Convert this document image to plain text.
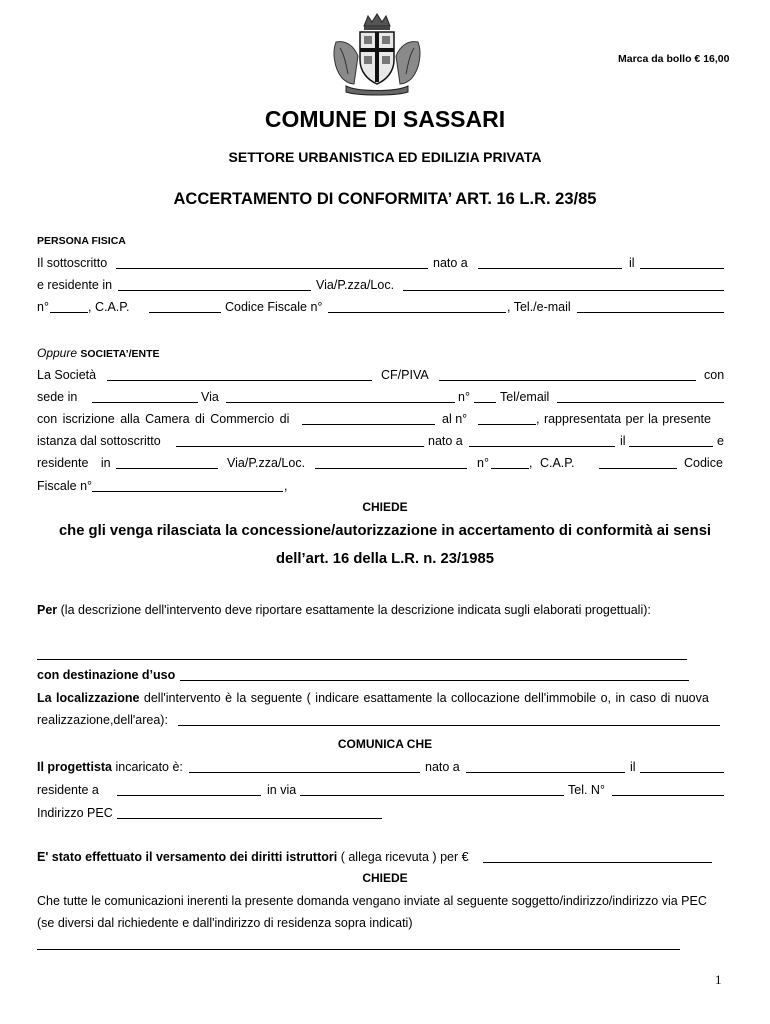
Marca da bollo € 16,00
COMUNE DI SASSARI
SETTORE URBANISTICA ED EDILIZIA PRIVATA
ACCERTAMENTO DI CONFORMITA’ ART. 16 L.R. 23/85
PERSONA FISICA
Il sottoscritto	nato a	il
e residente in	Via/P.zza/Loc.
n°	, C.A.P.	Codice Fiscale n°	, Tel./e-mail
Oppure SOCIETA’/ENTE
La Società	CF/PIVA	con
sede in	Via	n° Tel/email
con iscrizione alla Camera di Commercio di	al n°	, rappresentata per la presente
istanza dal sottoscritto	nato a	il	e
residente in	Via/P.zza/Loc.	n°	, C.A.P.	Codice
Fiscale n°	,
CHIEDE
che gli venga rilasciata la concessione/autorizzazione in accertamento di conformità ai sensi
dell’art. 16 della L.R. n. 23/1985
Per (la descrizione dell'intervento deve riportare esattamente la descrizione indicata sugli elaborati progettuali):
con destinazione d’uso
La localizzazione dell'intervento è la seguente ( indicare esattamente la collocazione dell'immobile o, in caso di nuova
realizzazione,dell'area):
COMUNICA CHE
Il progettista incaricato è:	nato a	il
residente a	in via	Tel. N°
Indirizzo PEC
E' stato effettuato il versamento dei diritti istruttori ( allega ricevuta ) per €
CHIEDE
Che tutte le comunicazioni inerenti la presente domanda vengano inviate al seguente soggetto/indirizzo/indirizzo via PEC
(se diversi dal richiedente e dall'indirizzo di residenza sopra indicati)
1
